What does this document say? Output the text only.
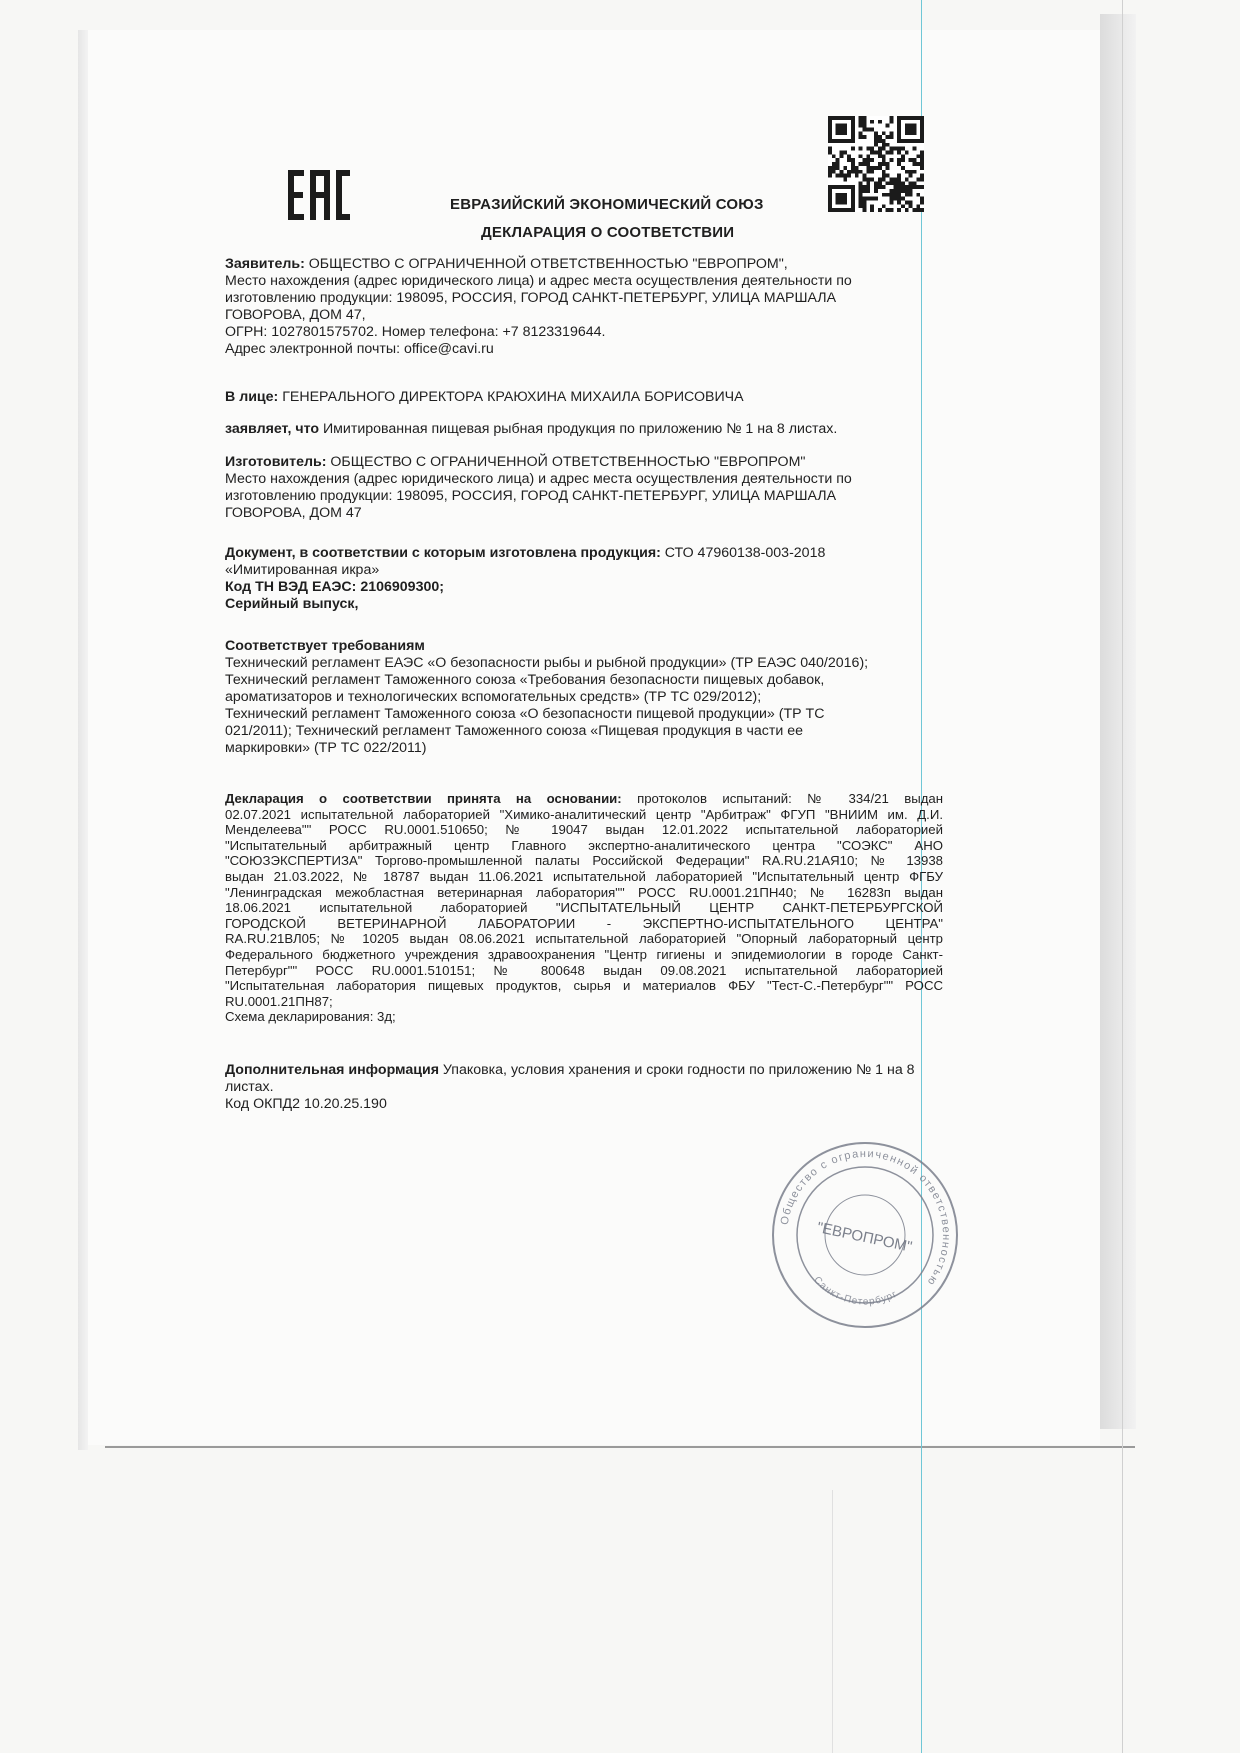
ЕВРАЗИЙСКИЙ ЭКОНОМИЧЕСКИЙ СОЮЗ
ДЕКЛАРАЦИЯ О СООТВЕТСТВИИ
Заявитель: ОБЩЕСТВО С ОГРАНИЧЕННОЙ ОТВЕТСТВЕННОСТЬЮ "ЕВРОПРОМ",
Место нахождения (адрес юридического лица) и адрес места осуществления деятельности по
изготовлению продукции: 198095, РОССИЯ, ГОРОД САНКТ-ПЕТЕРБУРГ, УЛИЦА МАРШАЛА
ГОВОРОВА, ДОМ 47,
ОГРН: 1027801575702. Номер телефона: +7 8123319644.
Адрес электронной почты: office@cavi.ru
В лице: ГЕНЕРАЛЬНОГО ДИРЕКТОРА КРАЮХИНА МИХАИЛА БОРИСОВИЧА
заявляет, что Имитированная пищевая рыбная продукция по приложению № 1 на 8 листах.
Изготовитель: ОБЩЕСТВО С ОГРАНИЧЕННОЙ ОТВЕТСТВЕННОСТЬЮ "ЕВРОПРОМ"
Место нахождения (адрес юридического лица) и адрес места осуществления деятельности по
изготовлению продукции: 198095, РОССИЯ, ГОРОД САНКТ-ПЕТЕРБУРГ, УЛИЦА МАРШАЛА
ГОВОРОВА, ДОМ 47
Документ, в соответствии с которым изготовлена продукция: СТО 47960138-003-2018
«Имитированная икра»
Код ТН ВЭД ЕАЭС: 2106909300;
Серийный выпуск,
Соответствует требованиям
Технический регламент ЕАЭС «О безопасности рыбы и рыбной продукции» (ТР ЕАЭС 040/2016);
Технический регламент Таможенного союза «Требования безопасности пищевых добавок,
ароматизаторов и технологических вспомогательных средств» (ТР ТС 029/2012);
Технический регламент Таможенного союза «О безопасности пищевой продукции» (ТР ТС
021/2011); Технический регламент Таможенного союза «Пищевая продукция в части ее
маркировки» (ТР ТС 022/2011)
Декларация о соответствии принята на основании: протоколов испытаний: № 334/21 выдан
02.07.2021 испытательной лабораторией "Химико-аналитический центр "Арбитраж" ФГУП "ВНИИМ им. Д.И.
Менделеева"" РОСС RU.0001.510650; № 19047 выдан 12.01.2022 испытательной лабораторией
"Испытательный арбитражный центр Главного экспертно-аналитического центра "СОЭКС" АНО
"СОЮЗЭКСПЕРТИЗА" Торгово-промышленной палаты Российской Федерации" RA.RU.21АЯ10; № 13938
выдан 21.03.2022, № 18787 выдан 11.06.2021 испытательной лабораторией "Испытательный центр ФГБУ
"Ленинградская межобластная ветеринарная лаборатория"" РОСС RU.0001.21ПН40; № 16283п выдан
18.06.2021 испытательной лабораторией "ИСПЫТАТЕЛЬНЫЙ ЦЕНТР САНКТ-ПЕТЕРБУРГСКОЙ
ГОРОДСКОЙ ВЕТЕРИНАРНОЙ ЛАБОРАТОРИИ - ЭКСПЕРТНО-ИСПЫТАТЕЛЬНОГО ЦЕНТРА"
RA.RU.21ВЛ05; № 10205 выдан 08.06.2021 испытательной лабораторией "Опорный лабораторный центр
Федерального бюджетного учреждения здравоохранения "Центр гигиены и эпидемиологии в городе Санкт-
Петербург"" РОСС RU.0001.510151; № 800648 выдан 09.08.2021 испытательной лабораторией
"Испытательная лаборатория пищевых продуктов, сырья и материалов ФБУ "Тест-С.-Петербург"" РОСС
RU.0001.21ПН87;
Схема декларирования: 3д;
Дополнительная информация Упаковка, условия хранения и сроки годности по приложению № 1 на 8
листах.
Код ОКПД2 10.20.25.190
Общество с ограниченной ответственностью
"ЕВРОПРОМ"
Санкт-Петербург
